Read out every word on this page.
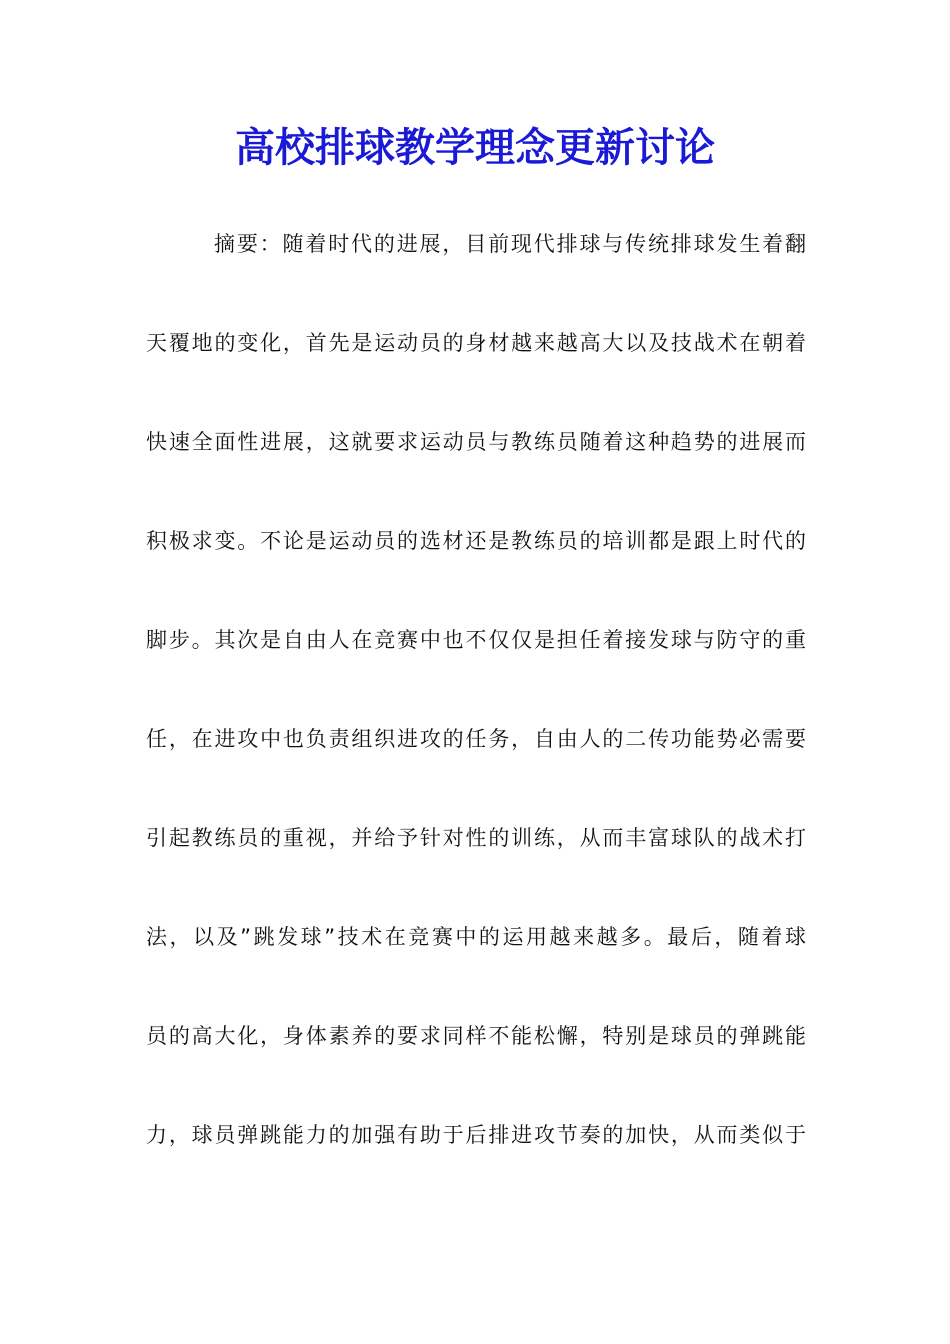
高校排球教学理念更新讨论

摘要：随着时代的进展，目前现代排球与传统排球发生着翻

天覆地的变化，首先是运动员的身材越来越高大以及技战术在朝着

快速全面性进展，这就要求运动员与教练员随着这种趋势的进展而

积极求变。不论是运动员的选材还是教练员的培训都是跟上时代的

脚步。其次是自由人在竞赛中也不仅仅是担任着接发球与防守的重

任，在进攻中也负责组织进攻的任务，自由人的二传功能势必需要

引起教练员的重视，并给予针对性的训练，从而丰富球队的战术打

法，以及”跳发球”技术在竞赛中的运用越来越多。最后，随着球

员的高大化，身体素养的要求同样不能松懈，特别是球员的弹跳能

力，球员弹跳能力的加强有助于后排进攻节奏的加快，从而类似于
